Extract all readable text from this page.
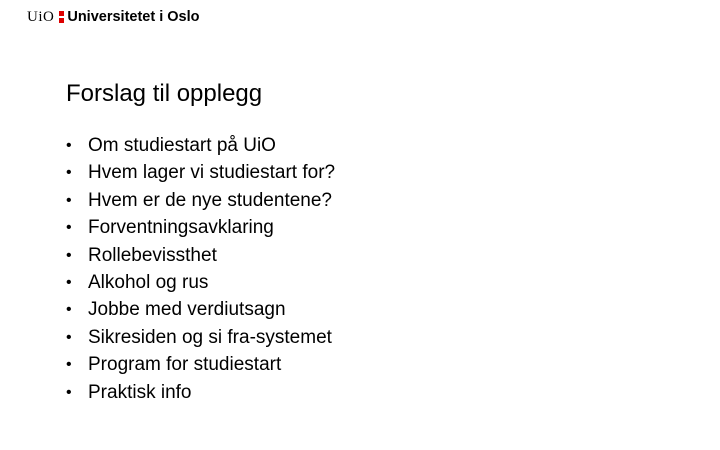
UiO Universitetet i Oslo
Forslag til opplegg
• Om studiestart på UiO
• Hvem lager vi studiestart for?
• Hvem er de nye studentene?
• Forventningsavklaring
• Rollebevissthet
• Alkohol og rus
• Jobbe med verdiutsagn
• Sikresiden og si fra-systemet
• Program for studiestart
• Praktisk info
